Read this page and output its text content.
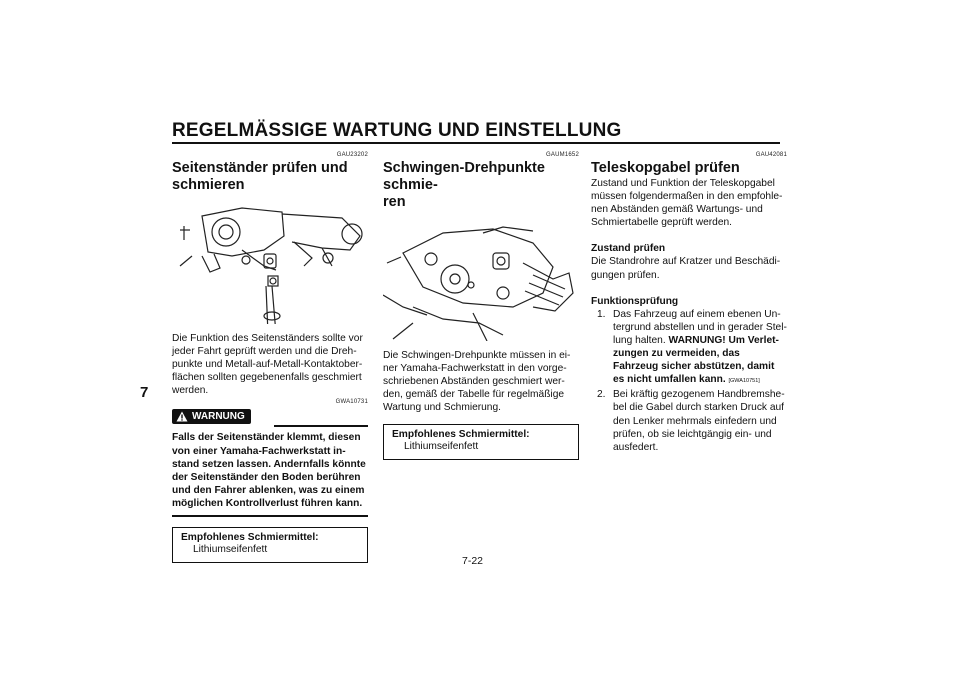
REGELMÄSSIGE WARTUNG UND EINSTELLUNG
7
GAU23202
Seitenständer prüfen und
schmieren
Die Funktion des Seitenständers sollte vor
jeder Fahrt geprüft werden und die Dreh-
punkte und Metall-auf-Metall-Kontaktober-
flächen sollten gegebenenfalls geschmiert
werden.
GWA10731
WARNUNG
Falls der Seitenständer klemmt, diesen
von einer Yamaha-Fachwerkstatt in-
stand setzen lassen. Andernfalls könnte
der Seitenständer den Boden berühren
und den Fahrer ablenken, was zu einem
möglichen Kontrollverlust führen kann.
Empfohlenes Schmiermittel:
Lithiumseifenfett
GAUM1652
Schwingen-Drehpunkte schmie-
ren
Die Schwingen-Drehpunkte müssen in ei-
ner Yamaha-Fachwerkstatt in den vorge-
schriebenen Abständen geschmiert wer-
den, gemäß der Tabelle für regelmäßige
Wartung und Schmierung.
Empfohlenes Schmiermittel:
Lithiumseifenfett
GAU42081
Teleskopgabel prüfen
Zustand und Funktion der Teleskopgabel
müssen folgendermaßen in den empfohle-
nen Abständen gemäß Wartungs- und
Schmiertabelle geprüft werden.
Zustand prüfen
Die Standrohre auf Kratzer und Beschädi-
gungen prüfen.
Funktionsprüfung
1. Das Fahrzeug auf einem ebenen Un-
tergrund abstellen und in gerader Stel-
lung halten. WARNUNG! Um Verlet-
zungen zu vermeiden, das
Fahrzeug sicher abstützen, damit
es nicht umfallen kann. [GWA10751]
2. Bei kräftig gezogenem Handbremshe-
bel die Gabel durch starken Druck auf
den Lenker mehrmals einfedern und
prüfen, ob sie leichtgängig ein- und
ausfedert.
7-22
